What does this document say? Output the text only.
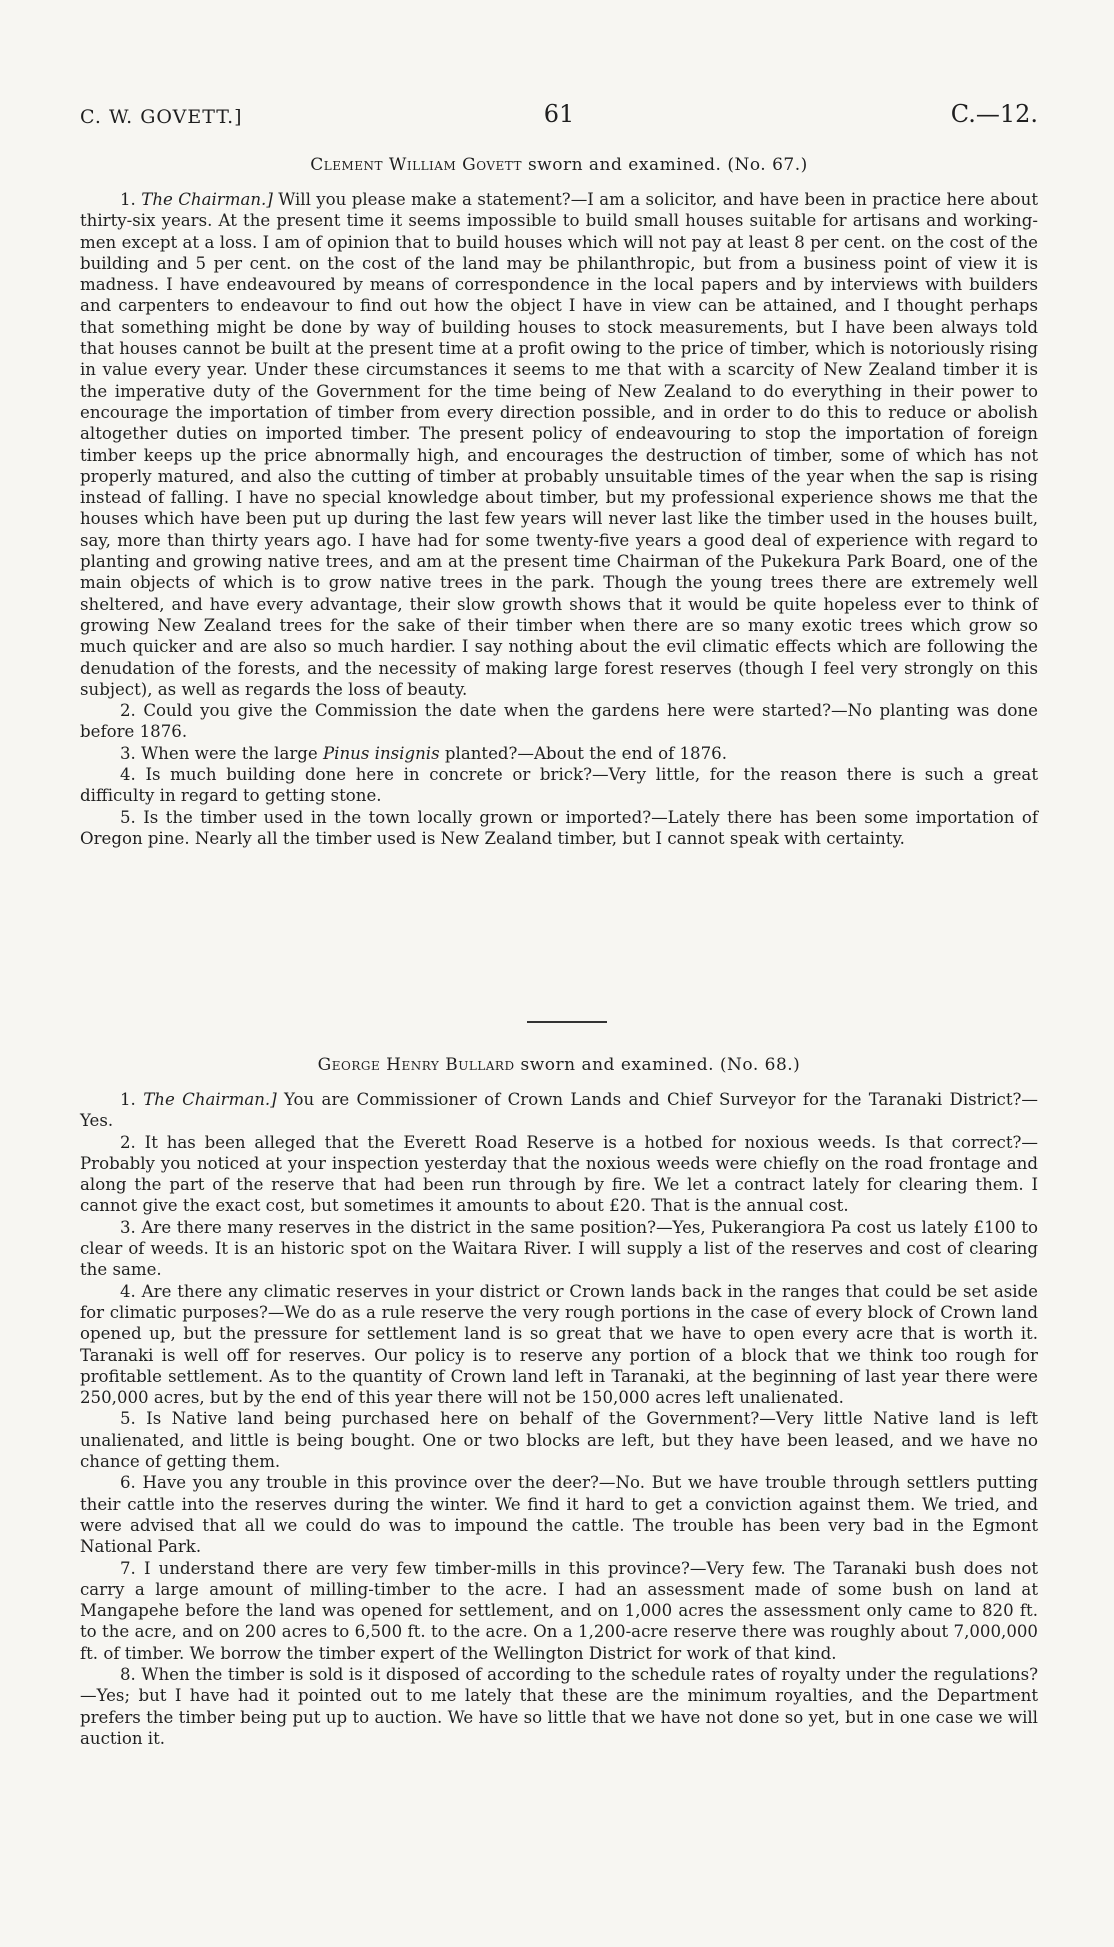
C. W. GOVETT.]	61	C.—12.
Clement William Govett sworn and examined. (No. 67.)

1. The Chairman.] Will you please make a statement?—I am a solicitor, and have been in practice here about thirty-six years. At the present time it seems impossible to build small houses suitable for artisans and working-men except at a loss. I am of opinion that to build houses which will not pay at least 8 per cent. on the cost of the building and 5 per cent. on the cost of the land may be philanthropic, but from a business point of view it is madness. I have endeavoured by means of correspondence in the local papers and by interviews with builders and carpenters to endeavour to find out how the object I have in view can be attained, and I thought perhaps that something might be done by way of building houses to stock measurements, but I have been always told that houses cannot be built at the present time at a profit owing to the price of timber, which is notoriously rising in value every year. Under these circumstances it seems to me that with a scarcity of New Zealand timber it is the imperative duty of the Government for the time being of New Zealand to do everything in their power to encourage the importation of timber from every direction possible, and in order to do this to reduce or abolish altogether duties on imported timber. The present policy of endeavouring to stop the importation of foreign timber keeps up the price abnormally high, and encourages the destruction of timber, some of which has not properly matured, and also the cutting of timber at probably unsuitable times of the year when the sap is rising instead of falling. I have no special knowledge about timber, but my professional experience shows me that the houses which have been put up during the last few years will never last like the timber used in the houses built, say, more than thirty years ago. I have had for some twenty-five years a good deal of experience with regard to planting and growing native trees, and am at the present time Chairman of the Pukekura Park Board, one of the main objects of which is to grow native trees in the park. Though the young trees there are extremely well sheltered, and have every advantage, their slow growth shows that it would be quite hopeless ever to think of growing New Zealand trees for the sake of their timber when there are so many exotic trees which grow so much quicker and are also so much hardier. I say nothing about the evil climatic effects which are following the denudation of the forests, and the necessity of making large forest reserves (though I feel very strongly on this subject), as well as regards the loss of beauty.

2. Could you give the Commission the date when the gardens here were started?—No planting was done before 1876.

3. When were the large Pinus insignis planted?—About the end of 1876.

4. Is much building done here in concrete or brick?—Very little, for the reason there is such a great difficulty in regard to getting stone.

5. Is the timber used in the town locally grown or imported?—Lately there has been some importation of Oregon pine. Nearly all the timber used is New Zealand timber, but I cannot speak with certainty.

George Henry Bullard sworn and examined. (No. 68.)

1. The Chairman.] You are Commissioner of Crown Lands and Chief Surveyor for the Taranaki District?—Yes.

2. It has been alleged that the Everett Road Reserve is a hotbed for noxious weeds. Is that correct?—Probably you noticed at your inspection yesterday that the noxious weeds were chiefly on the road frontage and along the part of the reserve that had been run through by fire. We let a contract lately for clearing them. I cannot give the exact cost, but sometimes it amounts to about £20. That is the annual cost.

3. Are there many reserves in the district in the same position?—Yes, Pukerangiora Pa cost us lately £100 to clear of weeds. It is an historic spot on the Waitara River. I will supply a list of the reserves and cost of clearing the same.

4. Are there any climatic reserves in your district or Crown lands back in the ranges that could be set aside for climatic purposes?—We do as a rule reserve the very rough portions in the case of every block of Crown land opened up, but the pressure for settlement land is so great that we have to open every acre that is worth it. Taranaki is well off for reserves. Our policy is to reserve any portion of a block that we think too rough for profitable settlement. As to the quantity of Crown land left in Taranaki, at the beginning of last year there were 250,000 acres, but by the end of this year there will not be 150,000 acres left unalienated.

5. Is Native land being purchased here on behalf of the Government?—Very little Native land is left unalienated, and little is being bought. One or two blocks are left, but they have been leased, and we have no chance of getting them.

6. Have you any trouble in this province over the deer?—No. But we have trouble through settlers putting their cattle into the reserves during the winter. We find it hard to get a conviction against them. We tried, and were advised that all we could do was to impound the cattle. The trouble has been very bad in the Egmont National Park.

7. I understand there are very few timber-mills in this province?—Very few. The Taranaki bush does not carry a large amount of milling-timber to the acre. I had an assessment made of some bush on land at Mangapehe before the land was opened for settlement, and on 1,000 acres the assessment only came to 820 ft. to the acre, and on 200 acres to 6,500 ft. to the acre. On a 1,200-acre reserve there was roughly about 7,000,000 ft. of timber. We borrow the timber expert of the Wellington District for work of that kind.

8. When the timber is sold is it disposed of according to the schedule rates of royalty under the regulations?—Yes; but I have had it pointed out to me lately that these are the minimum royalties, and the Department prefers the timber being put up to auction. We have so little that we have not done so yet, but in one case we will auction it.
